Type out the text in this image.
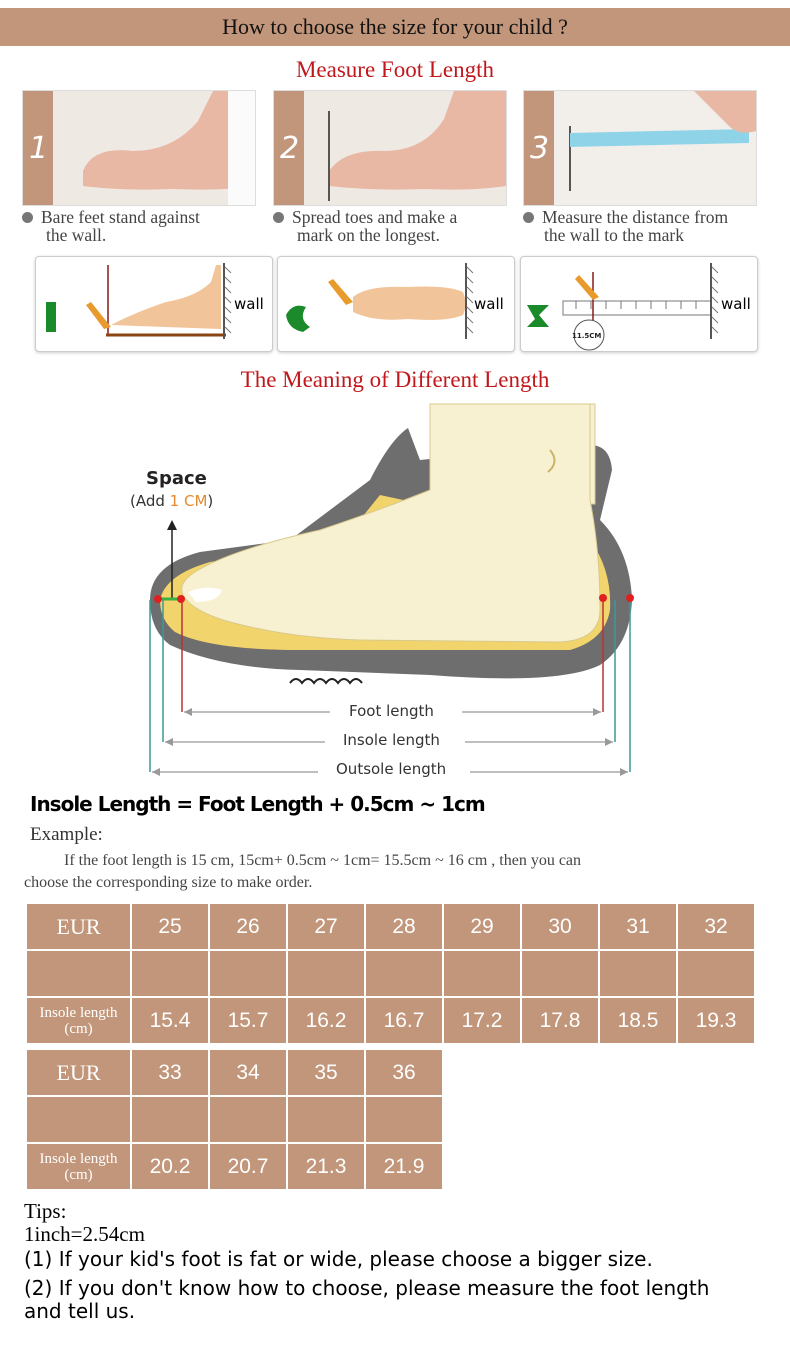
How to choose the size for your child ?
Measure Foot Length
1	2	3
Bare feet stand against
the wall.
Spread toes and make a
mark on the longest.
Measure the distance from
the wall to the mark
wall	wall
11.5CM
wall
The Meaning of Different Length
Space
(Add 1 CM)
Foot length
Insole length
Outsole length
Insole Length = Foot Length + 0.5cm ~ 1cm
Example:
If the foot length is 15 cm, 15cm+ 0.5cm ~ 1cm= 15.5cm ~ 16 cm , then you can
choose the corresponding size to make order.
EUR	25	26	27	28	29	30	31	32

Insole length
(cm)	15.4	15.7	16.2	16.7	17.2	17.8	18.5	19.3
EUR	33	34	35	36

Insole length
(cm)	20.2	20.7	21.3	21.9
Tips:
1inch=2.54cm
(1) If your kid's foot is fat or wide, please choose a bigger size.
(2) If you don't know how to choose, please measure the foot length
and tell us.
